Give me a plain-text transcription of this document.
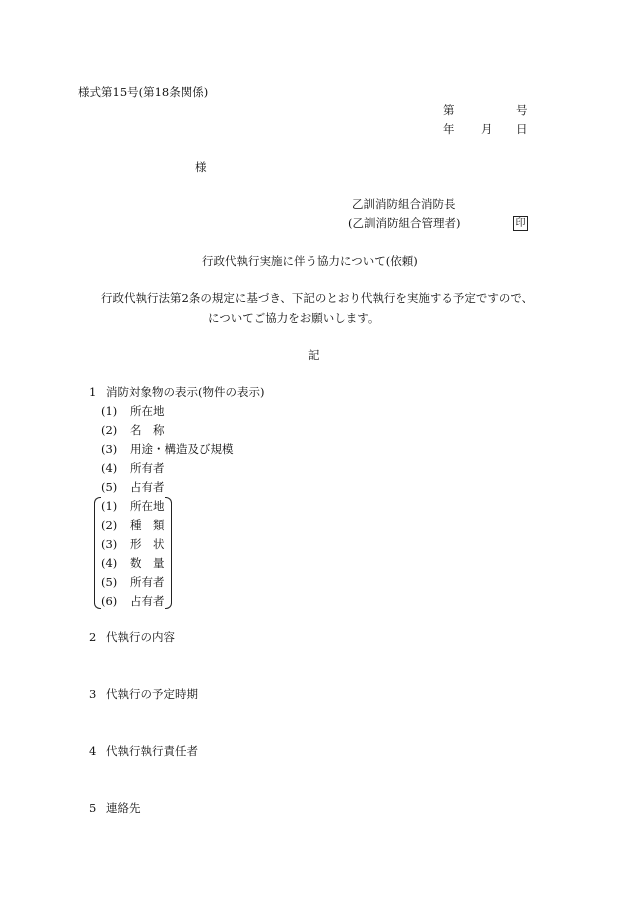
様式第15号(第18条関係)
第	号
年 月 日
様
乙訓消防組合消防長
(乙訓消防組合管理者)	印
行政代執行実施に伴う協力について(依頼)
行政代執行法第2条の規定に基づき、下記のとおり代執行を実施する予定ですので、
についてご協力をお願いします。
記
1 消防対象物の表示(物件の表示)
(1) 所在地
(2) 名　称
(3) 用途・構造及び規模
(4) 所有者
(5) 占有者
(1) 所在地
(2) 種　類
(3) 形　状
(4) 数　量
(5) 所有者
(6) 占有者
2 代執行の内容
3 代執行の予定時期
4 代執行執行責任者
5 連絡先
